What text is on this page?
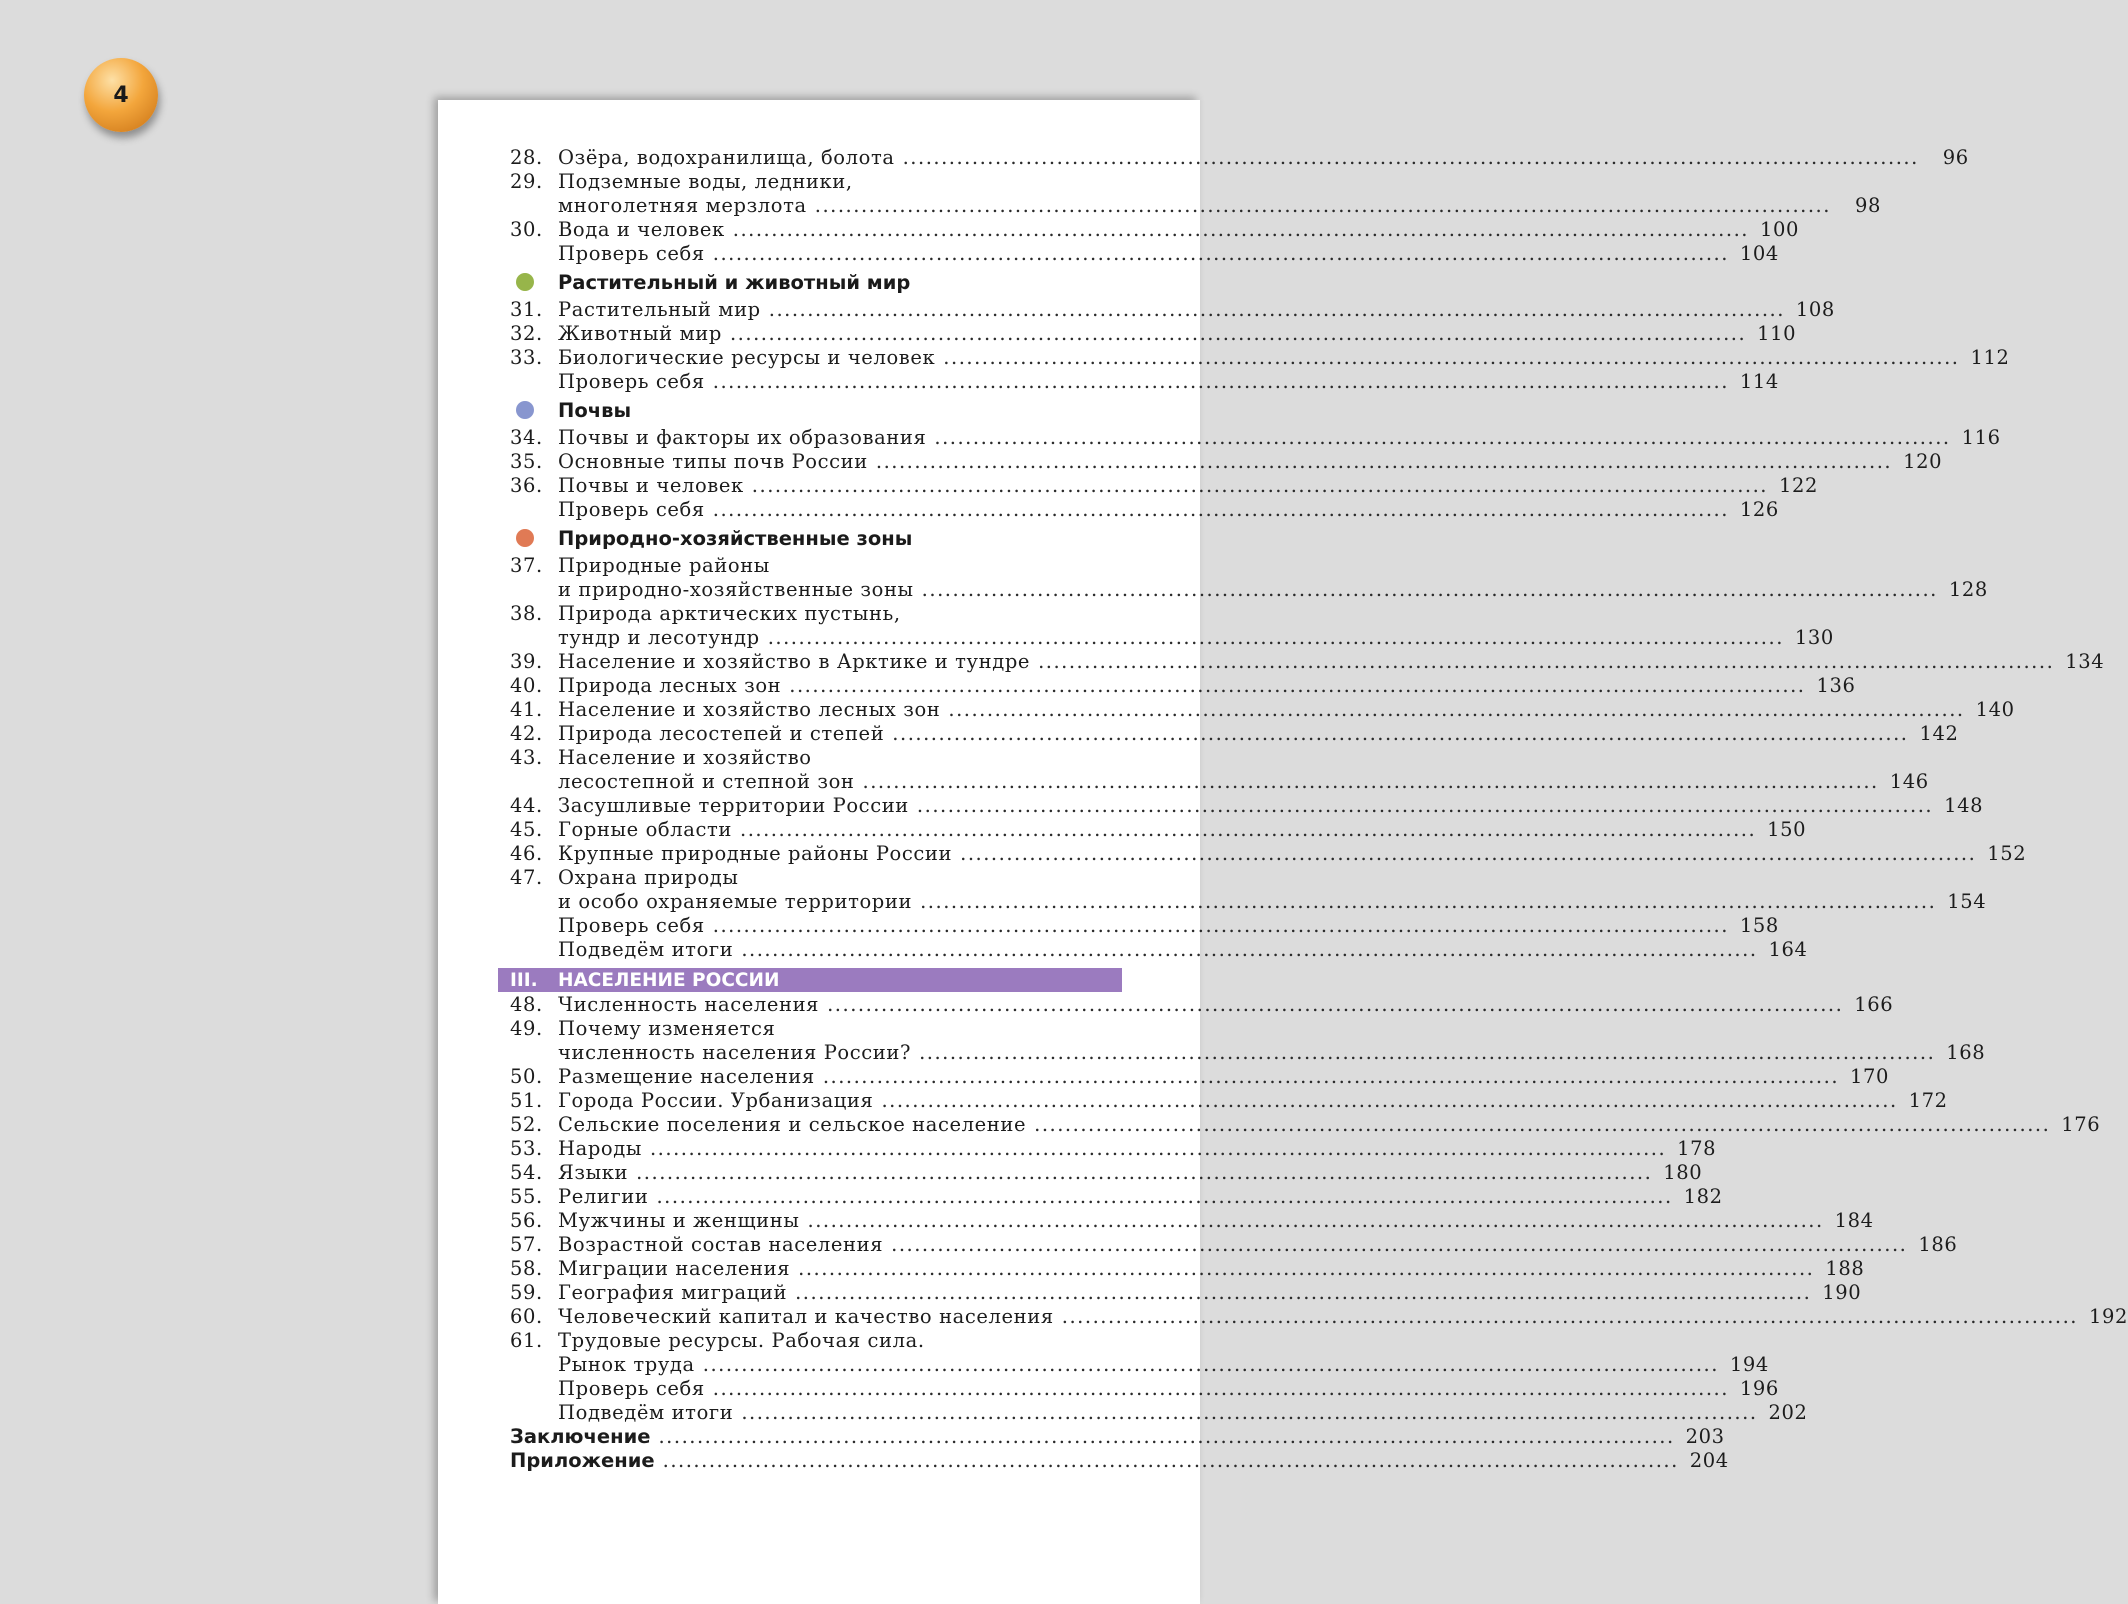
4
28. Озёра, водохранилища, болота ....................................................................................................................................	96
29. Подземные воды, ледники,
многолетняя мерзлота ....................................................................................................................................	98
30. Вода и человек .................................................................................................................................... 100
Проверь себя .................................................................................................................................... 104
Растительный и животный мир
31. Растительный мир .................................................................................................................................... 108
32. Животный мир .................................................................................................................................... 110
33. Биологические ресурсы и человек .................................................................................................................................... 112
Проверь себя .................................................................................................................................... 114
Почвы
34. Почвы и факторы их образования .................................................................................................................................... 116
35. Основные типы почв России .................................................................................................................................... 120
36. Почвы и человек .................................................................................................................................... 122
Проверь себя .................................................................................................................................... 126
Природно-хозяйственные зоны
37. Природные районы
и природно-хозяйственные зоны .................................................................................................................................... 128
38. Природа арктических пустынь,
тундр и лесотундр .................................................................................................................................... 130
39. Население и хозяйство в Арктике и тундре .................................................................................................................................... 134
40. Природа лесных зон .................................................................................................................................... 136
41. Население и хозяйство лесных зон .................................................................................................................................... 140
42. Природа лесостепей и степей .................................................................................................................................... 142
43. Население и хозяйство
лесостепной и степной зон .................................................................................................................................... 146
44. Засушливые территории России .................................................................................................................................... 148
45. Горные области .................................................................................................................................... 150
46. Крупные природные районы России .................................................................................................................................... 152
47. Охрана природы
и особо охраняемые территории .................................................................................................................................... 154
Проверь себя .................................................................................................................................... 158
Подведём итоги .................................................................................................................................... 164
III.	НАСЕЛЕНИЕ РОССИИ
48. Численность населения .................................................................................................................................... 166
49. Почему изменяется
численность населения России? .................................................................................................................................... 168
50. Размещение населения .................................................................................................................................... 170
51. Города России. Урбанизация .................................................................................................................................... 172
52. Сельские поселения и сельское население .................................................................................................................................... 176
53. Народы .................................................................................................................................... 178
54. Языки .................................................................................................................................... 180
55. Религии .................................................................................................................................... 182
56. Мужчины и женщины .................................................................................................................................... 184
57. Возрастной состав населения .................................................................................................................................... 186
58. Миграции населения .................................................................................................................................... 188
59. География миграций .................................................................................................................................... 190
60. Человеческий капитал и качество населения .................................................................................................................................... 192
61. Трудовые ресурсы. Рабочая сила.
Рынок труда .................................................................................................................................... 194
Проверь себя .................................................................................................................................... 196
Подведём итоги .................................................................................................................................... 202
Заключение .................................................................................................................................... 203
Приложение .................................................................................................................................... 204
